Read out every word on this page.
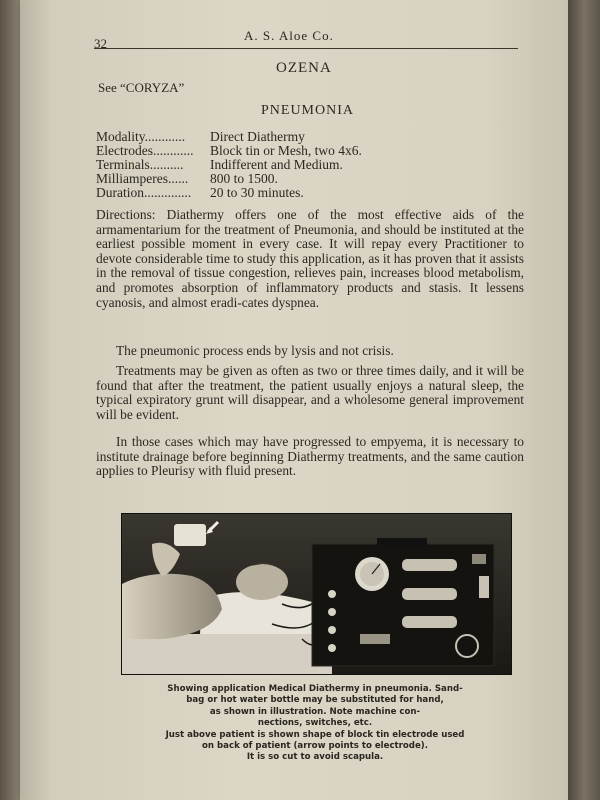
32
A. S. Aloe Co.
OZENA
See “CORYZA”
PNEUMONIA
Modality............ Direct Diathermy
Electrodes............ Block tin or Mesh, two 4x6.
Terminals.......... Indifferent and Medium.
Milliamperes...... 800 to 1500.
Duration.............. 20 to 30 minutes.
Directions: Diathermy offers one of the most effective aids of the armamentarium for the treatment of Pneumonia, and should be instituted at the earliest possible moment in every case. It will repay every Practitioner to devote considerable time to study this application, as it has proven that it assists in the removal of tissue congestion, relieves pain, increases blood metabolism, and promotes absorption of inflammatory products and stasis. It lessens cyanosis, and almost eradi-cates dyspnea.
The pneumonic process ends by lysis and not crisis.
Treatments may be given as often as two or three times daily, and it will be found that after the treatment, the patient usually enjoys a natural sleep, the typical expiratory grunt will disappear, and a wholesome general improvement will be evident.
In those cases which may have progressed to empyema, it is necessary to institute drainage before beginning Diathermy treatments, and the same caution applies to Pleurisy with fluid present.
Showing application Medical Diathermy in pneumonia. Sand-
bag or hot water bottle may be substituted for hand,
as shown in illustration. Note machine con-
nections, switches, etc.
Just above patient is shown shape of block tin electrode used
on back of patient (arrow points to electrode).
It is so cut to avoid scapula.
